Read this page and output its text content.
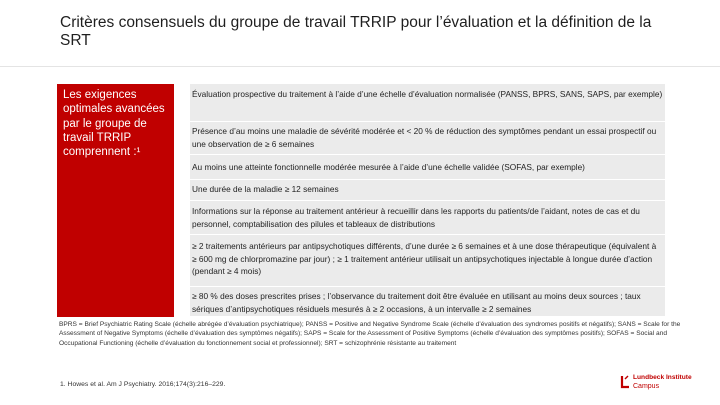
Critères consensuels du groupe de travail TRRIP pour l’évaluation et la définition de la SRT
Les exigences optimales avancées par le groupe de travail TRRIP comprennent :¹
Évaluation prospective du traitement à l’aide d’une échelle d’évaluation normalisée (PANSS, BPRS, SANS, SAPS, par exemple)
Présence d’au moins une maladie de sévérité modérée et < 20 % de réduction des symptômes pendant un essai prospectif ou une observation de ≥ 6 semaines
Au moins une atteinte fonctionnelle modérée mesurée à l’aide d’une échelle validée (SOFAS, par exemple)
Une durée de la maladie ≥ 12 semaines
Informations sur la réponse au traitement antérieur à recueillir dans les rapports du patients/de l’aidant, notes de cas et du personnel, comptabilisation des pilules et tableaux de distributions
≥ 2 traitements antérieurs par antipsychotiques différents, d’une durée ≥ 6 semaines et à une dose thérapeutique (équivalent à ≥ 600 mg de chlorpromazine par jour) ; ≥ 1 traitement antérieur utilisait un antipsychotiques injectable à longue durée d’action (pendant ≥ 4 mois)
≥ 80 % des doses prescrites prises ; l’observance du traitement doit être évaluée en utilisant au moins deux sources ; taux sériques d’antipsychotiques résiduels mesurés à ≥ 2 occasions, à un intervalle ≥ 2 semaines
BPRS = Brief Psychiatric Rating Scale (échelle abrégée d’évaluation psychiatrique); PANSS = Positive and Negative Syndrome Scale (échelle d’évaluation des syndromes positifs et négatifs); SANS = Scale for the Assessment of Negative Symptoms (échelle d’évaluation des symptômes négatifs); SAPS = Scale for the Assessment of Positive Symptoms (échelle d’évaluation des symptômes positifs); SOFAS = Social and Occupational Functioning (échelle d’évaluation du fonctionnement social et professionnel); SRT = schizophrénie résistante au traitement
1. Howes et al. Am J Psychiatry. 2016;174(3):216–229.
Lundbeck Institute
Campus
